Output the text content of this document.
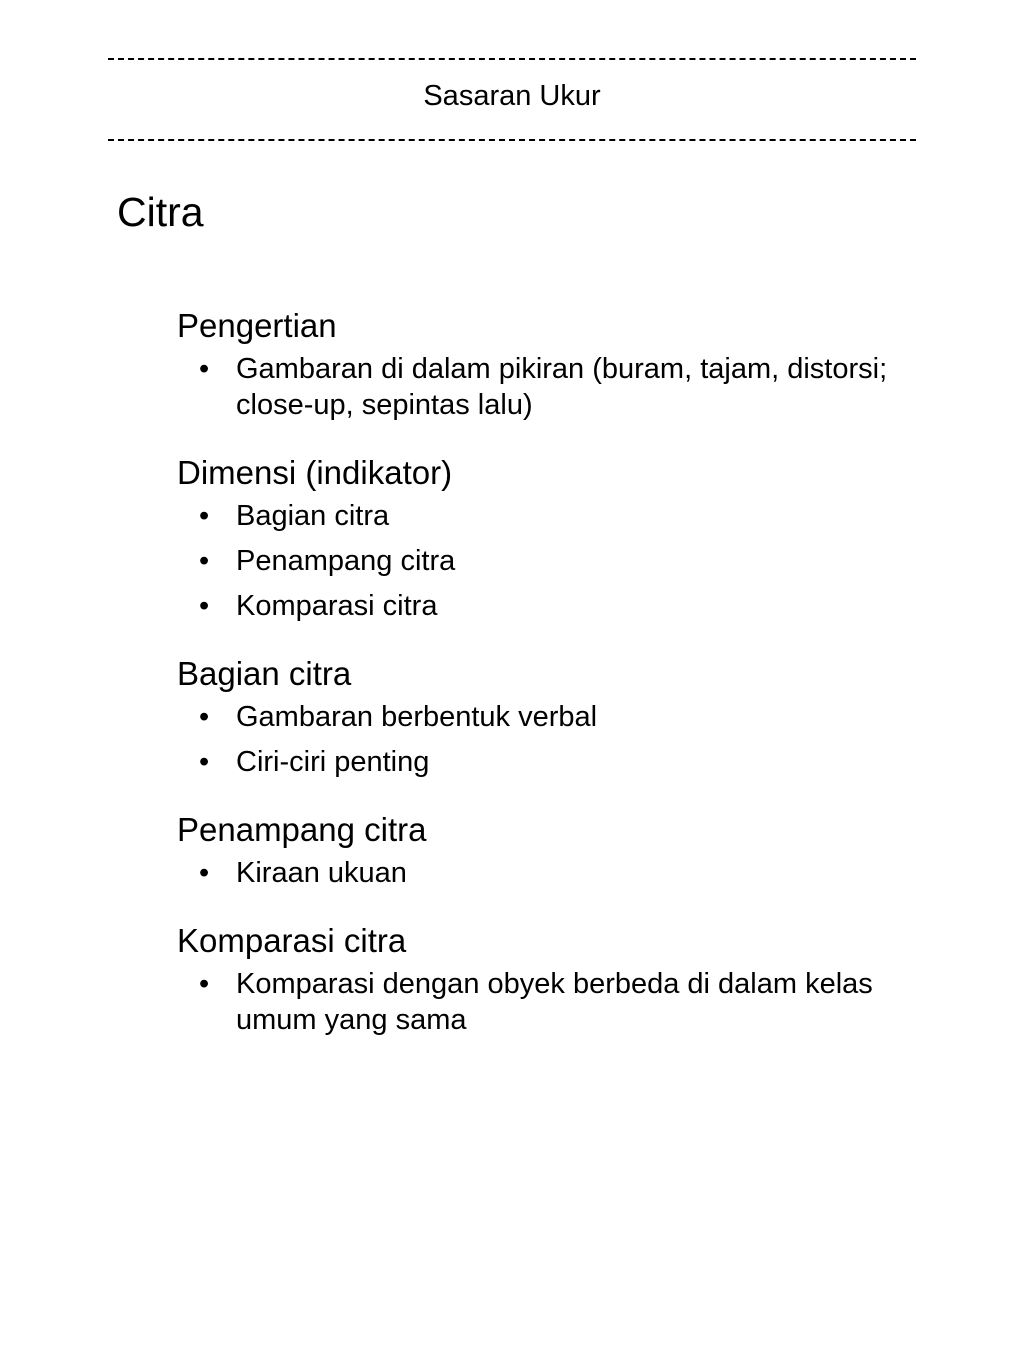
Sasaran Ukur
Citra
Pengertian
• Gambaran di dalam pikiran (buram, tajam, distorsi; close-up, sepintas lalu)
Dimensi (indikator)
• Bagian citra
• Penampang citra
• Komparasi citra
Bagian citra
• Gambaran berbentuk verbal
• Ciri-ciri penting
Penampang citra
• Kiraan ukuan
Komparasi citra
• Komparasi dengan obyek berbeda di dalam kelas umum yang sama
